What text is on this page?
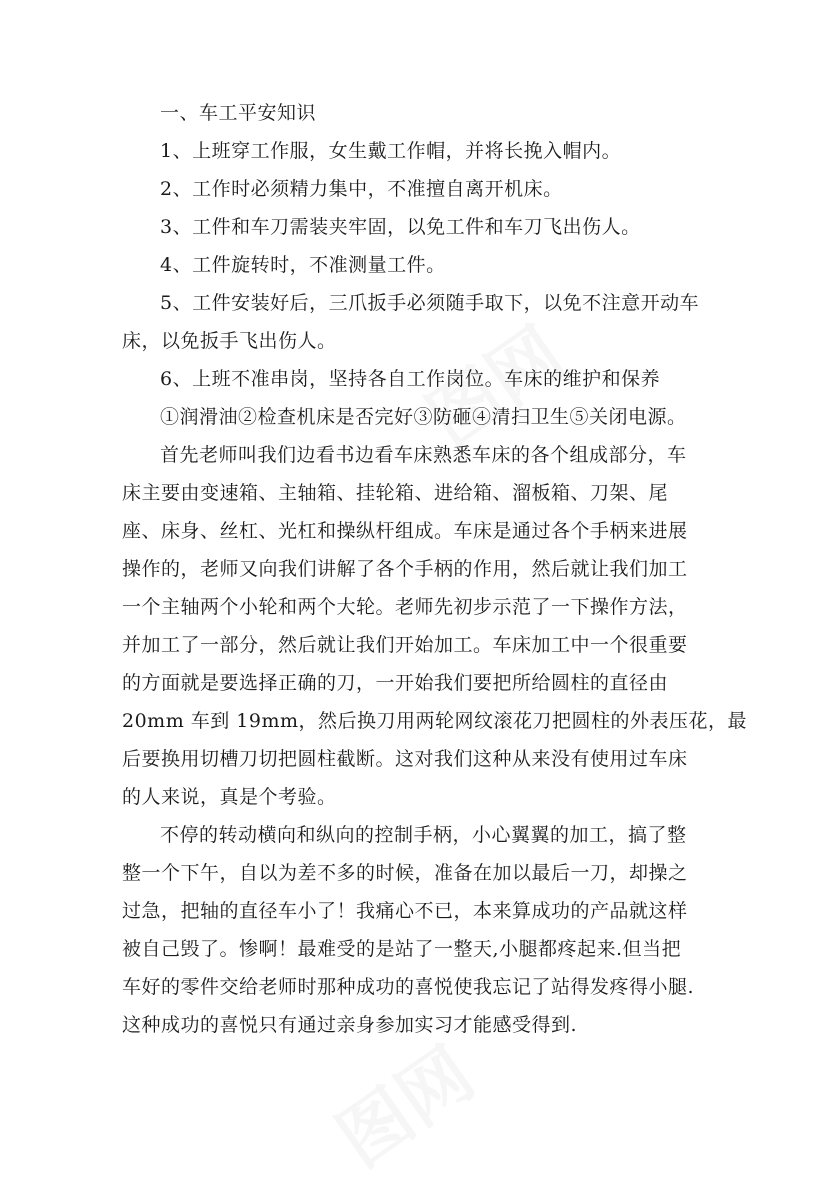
一、车工平安知识
1、上班穿工作服，女生戴工作帽，并将长挽入帽内。
2、工作时必须精力集中，不准擅自离开机床。
3、工件和车刀需装夹牢固，以免工件和车刀飞出伤人。
4、工件旋转时，不准测量工件。
5、工件安装好后，三爪扳手必须随手取下，以免不注意开动车
床，以免扳手飞出伤人。
6、上班不准串岗，坚持各自工作岗位。车床的维护和保养
①润滑油②检查机床是否完好③防砸④清扫卫生⑤关闭电源。
首先老师叫我们边看书边看车床熟悉车床的各个组成部分，车
床主要由变速箱、主轴箱、挂轮箱、进给箱、溜板箱、刀架、尾
座、床身、丝杠、光杠和操纵杆组成。车床是通过各个手柄来进展
操作的，老师又向我们讲解了各个手柄的作用，然后就让我们加工
一个主轴两个小轮和两个大轮。老师先初步示范了一下操作方法，
并加工了一部分，然后就让我们开始加工。车床加工中一个很重要
的方面就是要选择正确的刀，一开始我们要把所给圆柱的直径由
20mm 车到 19mm，然后换刀用两轮网纹滚花刀把圆柱的外表压花，最
后要换用切槽刀切把圆柱截断。这对我们这种从来没有使用过车床
的人来说，真是个考验。
不停的转动横向和纵向的控制手柄，小心翼翼的加工，搞了整
整一个下午，自以为差不多的时候，准备在加以最后一刀，却操之
过急，把轴的直径车小了！我痛心不已，本来算成功的产品就这样
被自己毁了。惨啊！最难受的是站了一整天,小腿都疼起来.但当把
车好的零件交给老师时那种成功的喜悦使我忘记了站得发疼得小腿.
这种成功的喜悦只有通过亲身参加实习才能感受得到.
